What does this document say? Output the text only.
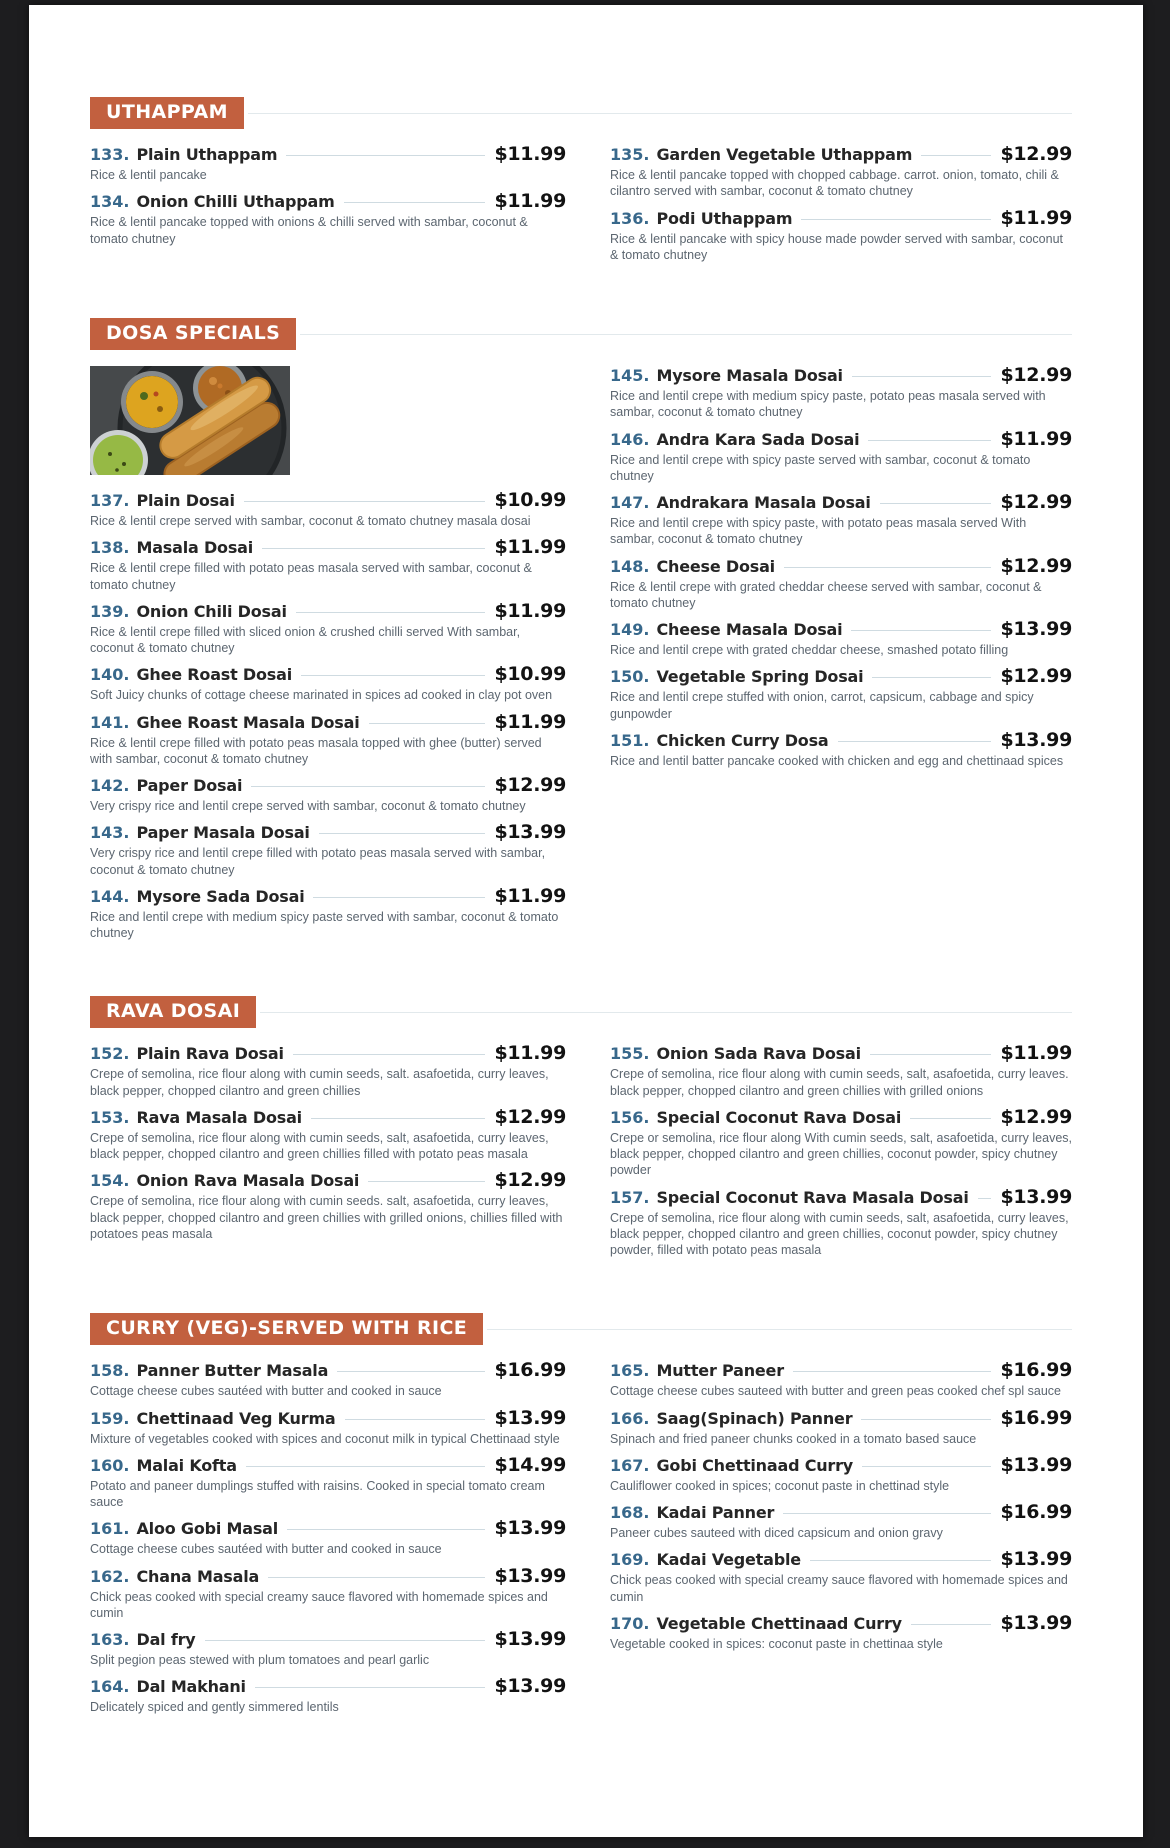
UTHAPPAM
133. Plain Uthappam	$11.99
Rice & lentil pancake
134. Onion Chilli Uthappam	$11.99
Rice & lentil pancake topped with onions & chilli served with sambar, coconut & tomato chutney
135. Garden Vegetable Uthappam	$12.99
Rice & lentil pancake topped with chopped cabbage. carrot. onion, tomato, chili & cilantro served with sambar, coconut & tomato chutney
136. Podi Uthappam	$11.99
Rice & lentil pancake with spicy house made powder served with sambar, coconut & tomato chutney
DOSA SPECIALS
137. Plain Dosai	$10.99
Rice & lentil crepe served with sambar, coconut & tomato chutney masala dosai
138. Masala Dosai	$11.99
Rice & lentil crepe filled with potato peas masala served with sambar, coconut & tomato chutney
139. Onion Chili Dosai	$11.99
Rice & lentil crepe filled with sliced onion & crushed chilli served With sambar, coconut & tomato chutney
140. Ghee Roast Dosai	$10.99
Soft Juicy chunks of cottage cheese marinated in spices ad cooked in clay pot oven
141. Ghee Roast Masala Dosai	$11.99
Rice & lentil crepe filled with potato peas masala topped with ghee (butter) served with sambar, coconut & tomato chutney
142. Paper Dosai	$12.99
Very crispy rice and lentil crepe served with sambar, coconut & tomato chutney
143. Paper Masala Dosai	$13.99
Very crispy rice and lentil crepe filled with potato peas masala served with sambar, coconut & tomato chutney
144. Mysore Sada Dosai	$11.99
Rice and lentil crepe with medium spicy paste served with sambar, coconut & tomato chutney
145. Mysore Masala Dosai	$12.99
Rice and lentil crepe with medium spicy paste, potato peas masala served with sambar, coconut & tomato chutney
146. Andra Kara Sada Dosai	$11.99
Rice and lentil crepe with spicy paste served with sambar, coconut & tomato chutney
147. Andrakara Masala Dosai	$12.99
Rice and lentil crepe with spicy paste, with potato peas masala served With sambar, coconut & tomato chutney
148. Cheese Dosai	$12.99
Rice & lentil crepe with grated cheddar cheese served with sambar, coconut & tomato chutney
149. Cheese Masala Dosai	$13.99
Rice and lentil crepe with grated cheddar cheese, smashed potato filling
150. Vegetable Spring Dosai	$12.99
Rice and lentil crepe stuffed with onion, carrot, capsicum, cabbage and spicy gunpowder
151. Chicken Curry Dosa	$13.99
Rice and lentil batter pancake cooked with chicken and egg and chettinaad spices
RAVA DOSAI
152. Plain Rava Dosai	$11.99
Crepe of semolina, rice flour along with cumin seeds, salt. asafoetida, curry leaves, black pepper, chopped cilantro and green chillies
153. Rava Masala Dosai	$12.99
Crepe of semolina, rice flour along with cumin seeds, salt, asafoetida, curry leaves, black pepper, chopped cilantro and green chillies filled with potato peas masala
154. Onion Rava Masala Dosai	$12.99
Crepe of semolina, rice flour along with cumin seeds. salt, asafoetida, curry leaves, black pepper, chopped cilantro and green chillies with grilled onions, chillies filled with potatoes peas masala
155. Onion Sada Rava Dosai	$11.99
Crepe of semolina, rice flour along with cumin seeds, salt, asafoetida, curry leaves. black pepper, chopped cilantro and green chillies with grilled onions
156. Special Coconut Rava Dosai	$12.99
Crepe or semolina, rice flour along With cumin seeds, salt, asafoetida, curry leaves, black pepper, chopped cilantro and green chillies, coconut powder, spicy chutney powder
157. Special Coconut Rava Masala Dosai $13.99
Crepe of semolina, rice flour along with cumin seeds, salt, asafoetida, curry leaves, black pepper, chopped cilantro and green chillies, coconut powder, spicy chutney powder, filled with potato peas masala
CURRY (VEG)-SERVED WITH RICE
158. Panner Butter Masala	$16.99
Cottage cheese cubes sautéed with butter and cooked in sauce
159. Chettinaad Veg Kurma	$13.99
Mixture of vegetables cooked with spices and coconut milk in typical Chettinaad style
160. Malai Kofta	$14.99
Potato and paneer dumplings stuffed with raisins. Cooked in special tomato cream sauce
161. Aloo Gobi Masal	$13.99
Cottage cheese cubes sautéed with butter and cooked in sauce
162. Chana Masala	$13.99
Chick peas cooked with special creamy sauce flavored with homemade spices and cumin
163. Dal fry	$13.99
Split pegion peas stewed with plum tomatoes and pearl garlic
164. Dal Makhani	$13.99
Delicately spiced and gently simmered lentils
165. Mutter Paneer	$16.99
Cottage cheese cubes sauteed with butter and green peas cooked chef spl sauce
166. Saag(Spinach) Panner	$16.99
Spinach and fried paneer chunks cooked in a tomato based sauce
167. Gobi Chettinaad Curry	$13.99
Cauliflower cooked in spices; coconut paste in chettinad style
168. Kadai Panner	$16.99
Paneer cubes sauteed with diced capsicum and onion gravy
169. Kadai Vegetable	$13.99
Chick peas cooked with special creamy sauce flavored with homemade spices and cumin
170. Vegetable Chettinaad Curry	$13.99
Vegetable cooked in spices: coconut paste in chettinaa style
